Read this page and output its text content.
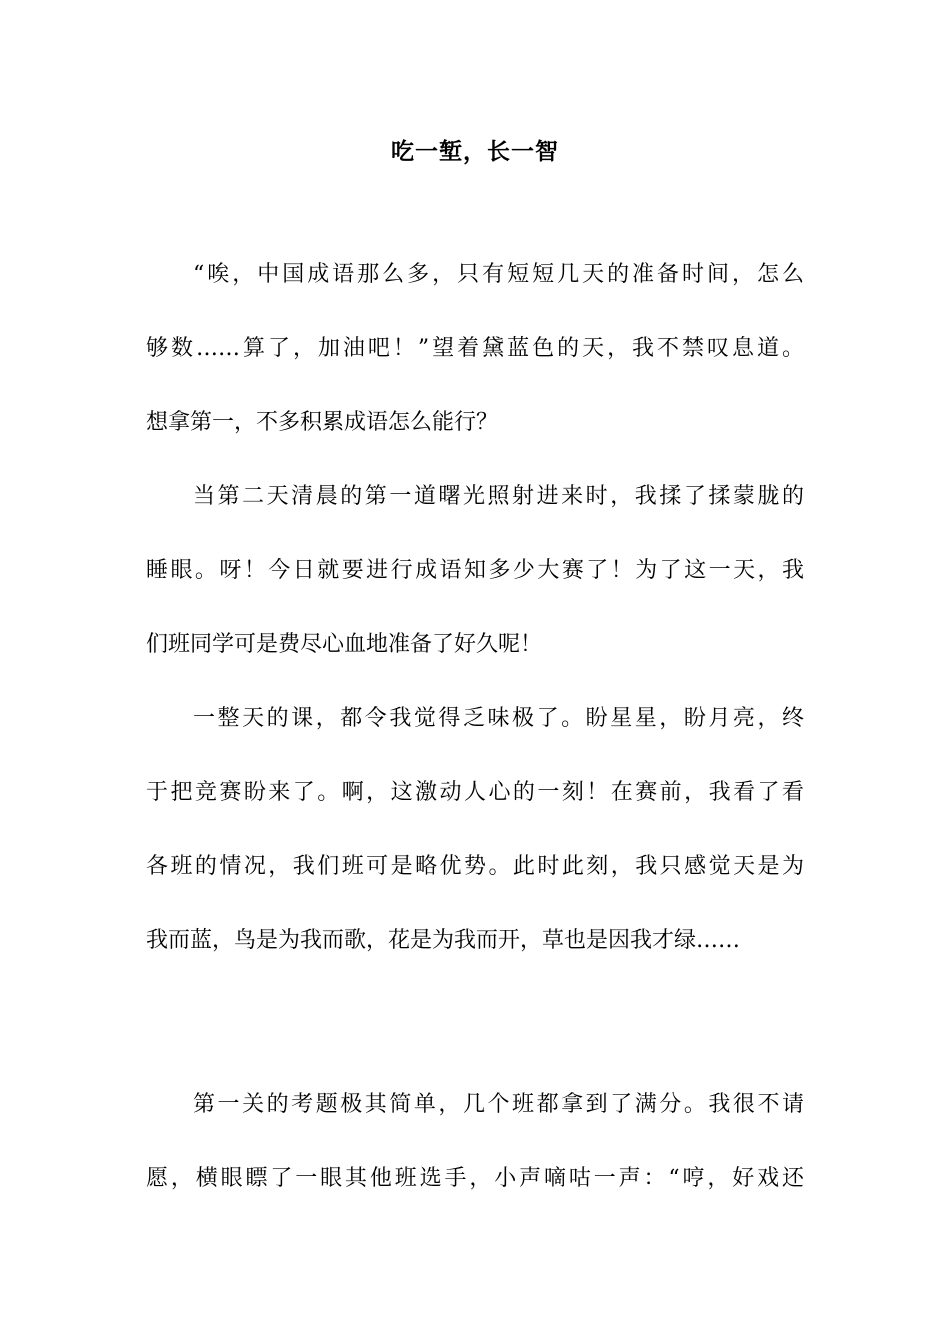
吃一堑，长一智
“唉，中国成语那么多，只有短短几天的准备时间，怎么
够数……算了，加油吧！”望着黛蓝色的天，我不禁叹息道。
想拿第一，不多积累成语怎么能行？
当第二天清晨的第一道曙光照射进来时，我揉了揉蒙胧的
睡眼。呀！今日就要进行成语知多少大赛了！为了这一天，我
们班同学可是费尽心血地准备了好久呢！
一整天的课，都令我觉得乏味极了。盼星星，盼月亮，终
于把竞赛盼来了。啊，这激动人心的一刻！在赛前，我看了看
各班的情况，我们班可是略优势。此时此刻，我只感觉天是为
我而蓝，鸟是为我而歌，花是为我而开，草也是因我才绿……
第一关的考题极其简单，几个班都拿到了满分。我很不请
愿，横眼瞟了一眼其他班选手，小声嘀咕一声：“哼，好戏还
